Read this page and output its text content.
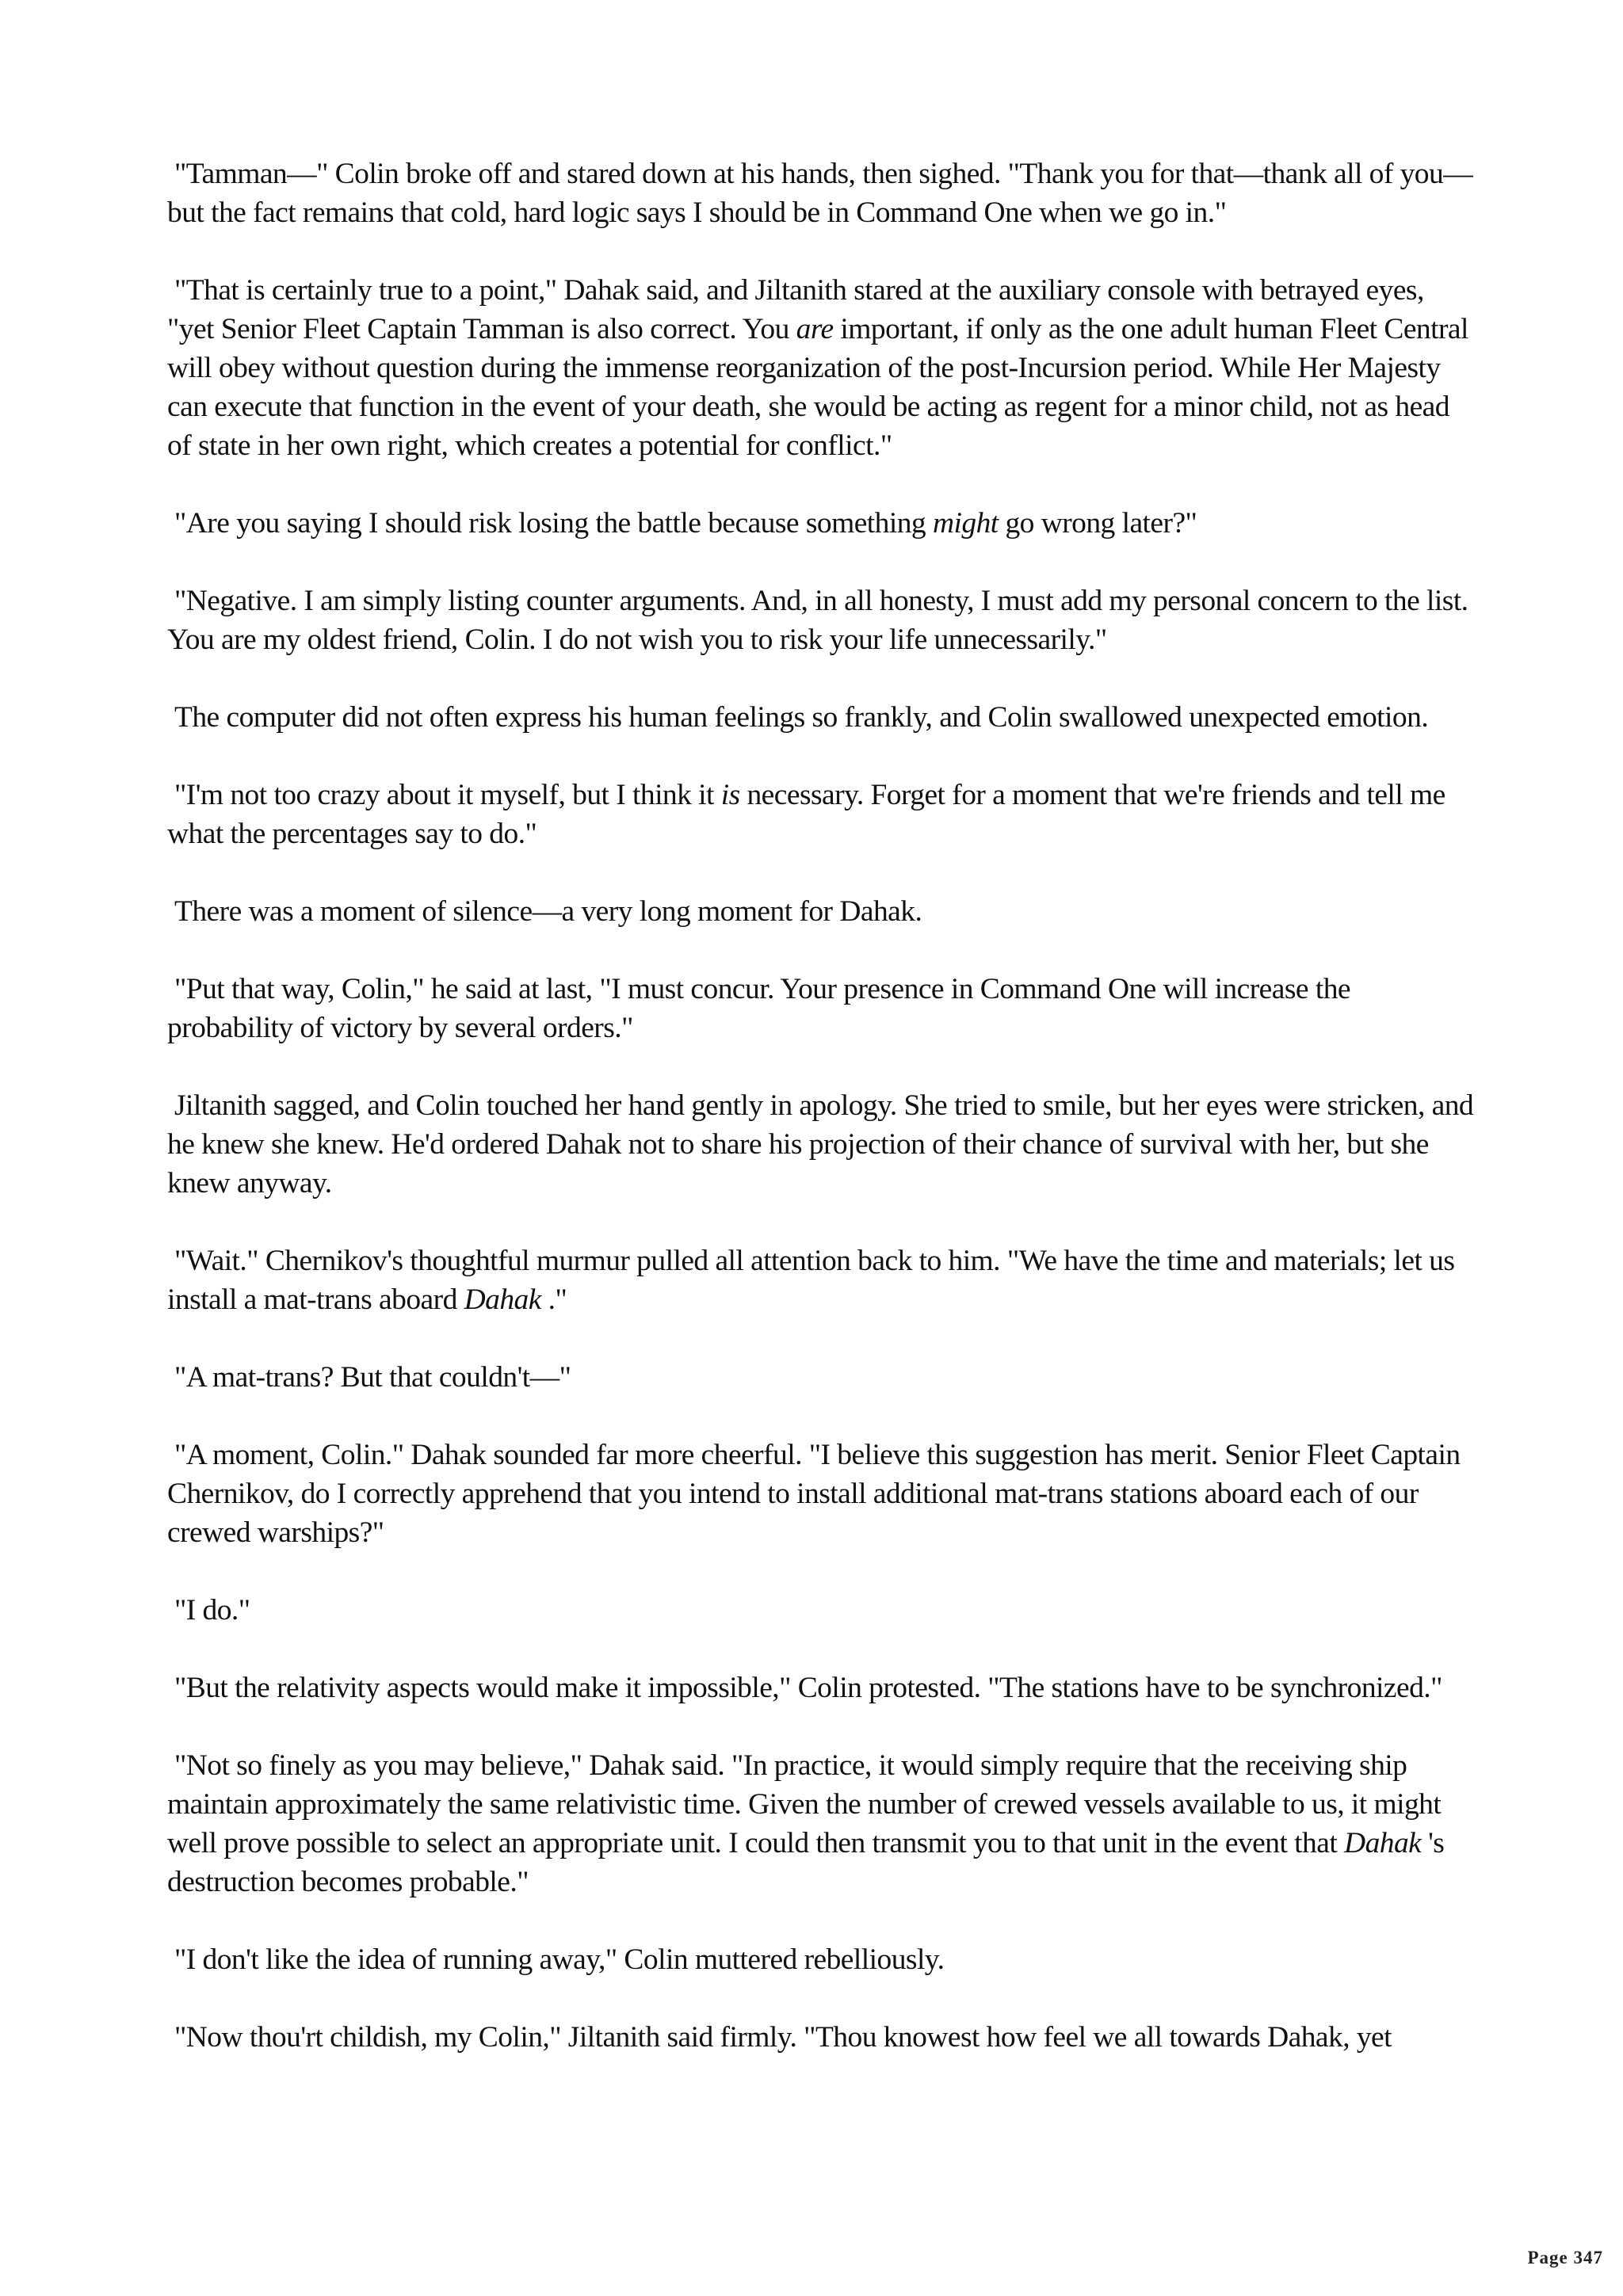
"Tamman—" Colin broke off and stared down at his hands, then sighed. "Thank you for that—thank all of you—but the fact remains that cold, hard logic says I should be in Command One when we go in."

"That is certainly true to a point," Dahak said, and Jiltanith stared at the auxiliary console with betrayed eyes, "yet Senior Fleet Captain Tamman is also correct. You are important, if only as the one adult human Fleet Central will obey without question during the immense reorganization of the post-Incursion period. While Her Majesty can execute that function in the event of your death, she would be acting as regent for a minor child, not as head of state in her own right, which creates a potential for conflict."

"Are you saying I should risk losing the battle because something might go wrong later?"

"Negative. I am simply listing counter arguments. And, in all honesty, I must add my personal concern to the list. You are my oldest friend, Colin. I do not wish you to risk your life unnecessarily."

The computer did not often express his human feelings so frankly, and Colin swallowed unexpected emotion.

"I'm not too crazy about it myself, but I think it is necessary. Forget for a moment that we're friends and tell me what the percentages say to do."

There was a moment of silence—a very long moment for Dahak.

"Put that way, Colin," he said at last, "I must concur. Your presence in Command One will increase the probability of victory by several orders."

Jiltanith sagged, and Colin touched her hand gently in apology. She tried to smile, but her eyes were stricken, and he knew she knew. He'd ordered Dahak not to share his projection of their chance of survival with her, but she knew anyway.

"Wait." Chernikov's thoughtful murmur pulled all attention back to him. "We have the time and materials; let us install a mat-trans aboard Dahak ."

"A mat-trans? But that couldn't—"

"A moment, Colin." Dahak sounded far more cheerful. "I believe this suggestion has merit. Senior Fleet Captain Chernikov, do I correctly apprehend that you intend to install additional mat-trans stations aboard each of our crewed warships?"

"I do."

"But the relativity aspects would make it impossible," Colin protested. "The stations have to be synchronized."

"Not so finely as you may believe," Dahak said. "In practice, it would simply require that the receiving ship maintain approximately the same relativistic time. Given the number of crewed vessels available to us, it might well prove possible to select an appropriate unit. I could then transmit you to that unit in the event that Dahak 's destruction becomes probable."

"I don't like the idea of running away," Colin muttered rebelliously.

"Now thou'rt childish, my Colin," Jiltanith said firmly. "Thou knowest how feel we all towards Dahak, yet

Page 347
